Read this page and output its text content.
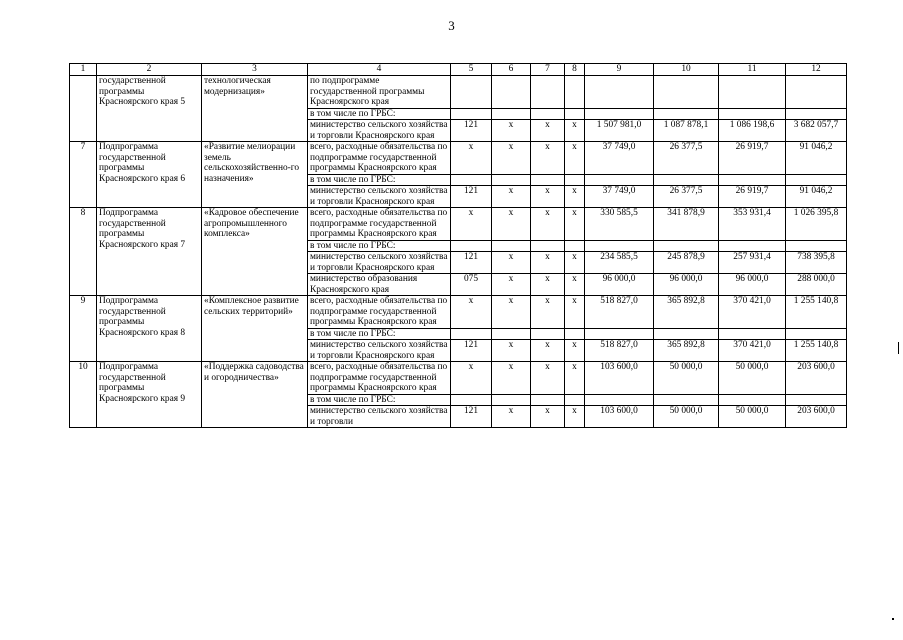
3
1	2	3	4	5	6	7	8	9	10	11	12
	государственной программы Красноярского края 5	технологическая модернизация»	по подпрограмме государственной программы Красноярского края								
			в том числе по ГРБС:								
			министерство сельского хозяйства и торговли Красноярского края	121	х	х	х	1 507 981,0	1 087 878,1	1 086 198,6	3 682 057,7
7	Подпрограмма государственной программы Красноярского края 6	«Развитие мелиорации земель сельскохозяйственно-го назначения»	всего, расходные обязательства по подпрограмме государственной программы Красноярского края	х	х	х	х	37 749,0	26 377,5	26 919,7	91 046,2
			в том числе по ГРБС:								
			министерство сельского хозяйства и торговли Красноярского края	121	х	х	х	37 749,0	26 377,5	26 919,7	91 046,2
8	Подпрограмма государственной программы Красноярского края 7	«Кадровое обеспечение агропромышленного комплекса»	всего, расходные обязательства по подпрограмме государственной программы Красноярского края	х	х	х	х	330 585,5	341 878,9	353 931,4	1 026 395,8
			в том числе по ГРБС:								
			министерство сельского хозяйства и торговли Красноярского края	121	х	х	х	234 585,5	245 878,9	257 931,4	738 395,8
			министерство образования Красноярского края	075	х	х	х	96 000,0	96 000,0	96 000,0	288 000,0
9	Подпрограмма государственной программы Красноярского края 8	«Комплексное развитие сельских территорий»	всего, расходные обязательства по подпрограмме государственной программы Красноярского края	х	х	х	х	518 827,0	365 892,8	370 421,0	1 255 140,8
			в том числе по ГРБС:								
			министерство сельского хозяйства и торговли Красноярского края	121	х	х	х	518 827,0	365 892,8	370 421,0	1 255 140,8
10	Подпрограмма государственной программы Красноярского края 9	«Поддержка садоводства и огородничества»	всего, расходные обязательства по подпрограмме государственной программы Красноярского края	х	х	х	х	103 600,0	50 000,0	50 000,0	203 600,0
			в том числе по ГРБС:								
			министерство сельского хозяйства и торговли	121	х	х	х	103 600,0	50 000,0	50 000,0	203 600,0
